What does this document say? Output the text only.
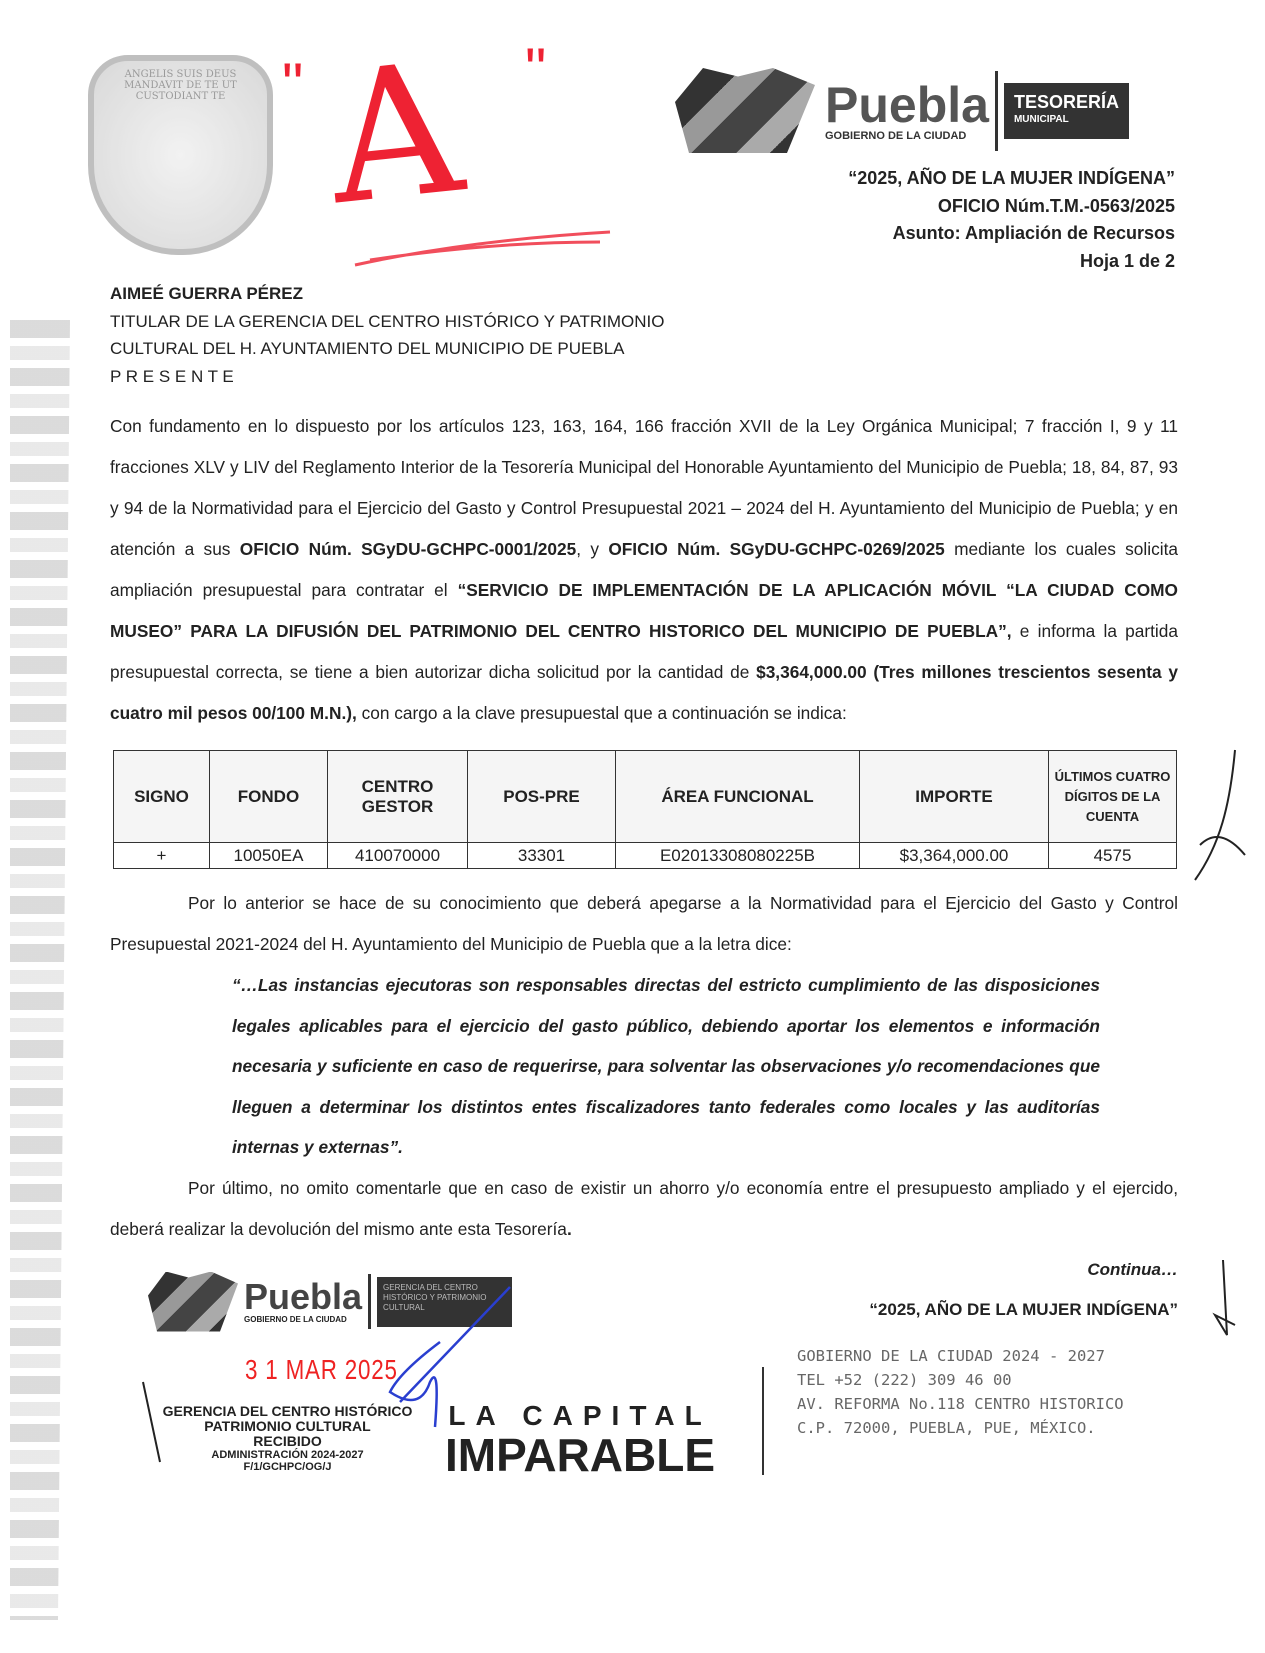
ANGELIS SUIS DEUS MANDAVIT DE TE UT CUSTODIANT TE " A "
Puebla
GOBIERNO DE LA CIUDAD
TESORERÍA
MUNICIPAL
“2025, AÑO DE LA MUJER INDÍGENA”
OFICIO Núm.T.M.-0563/2025
Asunto: Ampliación de Recursos
Hoja 1 de 2
AIMEÉ GUERRA PÉREZ
TITULAR DE LA GERENCIA DEL CENTRO HISTÓRICO Y PATRIMONIO
CULTURAL DEL H. AYUNTAMIENTO DEL MUNICIPIO DE PUEBLA
P R E S E N T E
Con fundamento en lo dispuesto por los artículos 123, 163, 164, 166 fracción XVII de la Ley Orgánica Municipal; 7 fracción I, 9 y 11 fracciones XLV y LIV del Reglamento Interior de la Tesorería Municipal del Honorable Ayuntamiento del Municipio de Puebla; 18, 84, 87, 93 y 94 de la Normatividad para el Ejercicio del Gasto y Control Presupuestal 2021 – 2024 del H. Ayuntamiento del Municipio de Puebla; y en atención a sus OFICIO Núm. SGyDU-GCHPC-0001/2025, y OFICIO Núm. SGyDU-GCHPC-0269/2025 mediante los cuales solicita ampliación presupuestal para contratar el “SERVICIO DE IMPLEMENTACIÓN DE LA APLICACIÓN MÓVIL “LA CIUDAD COMO MUSEO” PARA LA DIFUSIÓN DEL PATRIMONIO DEL CENTRO HISTORICO DEL MUNICIPIO DE PUEBLA”, e informa la partida presupuestal correcta, se tiene a bien autorizar dicha solicitud por la cantidad de $3,364,000.00 (Tres millones trescientos sesenta y cuatro mil pesos 00/100 M.N.), con cargo a la clave presupuestal que a continuación se indica:
SIGNO	FONDO	CENTRO GESTOR	POS-PRE	ÁREA FUNCIONAL	IMPORTE	ÚLTIMOS CUATRO DÍGITOS DE LA CUENTA
+	10050EA	410070000	33301	E02013308080225B	$3,364,000.00	4575
Por lo anterior se hace de su conocimiento que deberá apegarse a la Normatividad para el Ejercicio del Gasto y Control Presupuestal 2021-2024 del H. Ayuntamiento del Municipio de Puebla que a la letra dice:
“…Las instancias ejecutoras son responsables directas del estricto cumplimiento de las disposiciones legales aplicables para el ejercicio del gasto público, debiendo aportar los elementos e información necesaria y suficiente en caso de requerirse, para solventar las observaciones y/o recomendaciones que lleguen a determinar los distintos entes fiscalizadores tanto federales como locales y las auditorías internas y externas”.
Por último, no omito comentarle que en caso de existir un ahorro y/o economía entre el presupuesto ampliado y el ejercido, deberá realizar la devolución del mismo ante esta Tesorería.
Continua…
“2025, AÑO DE LA MUJER INDÍGENA”
Puebla
GOBIERNO DE LA CIUDAD
GERENCIA DEL CENTRO HISTÓRICO Y PATRIMONIO CULTURAL
3 1 MAR 2025
GERENCIA DEL CENTRO HISTÓRICO
PATRIMONIO CULTURAL
RECIBIDO
ADMINISTRACIÓN 2024-2027
F/1/GCHPC/OG/J
LA CAPITAL
IMPARABLE
GOBIERNO DE LA CIUDAD 2024 - 2027
TEL +52 (222) 309 46 00
AV. REFORMA No.118 CENTRO HISTORICO
C.P. 72000, PUEBLA, PUE, MÉXICO.
